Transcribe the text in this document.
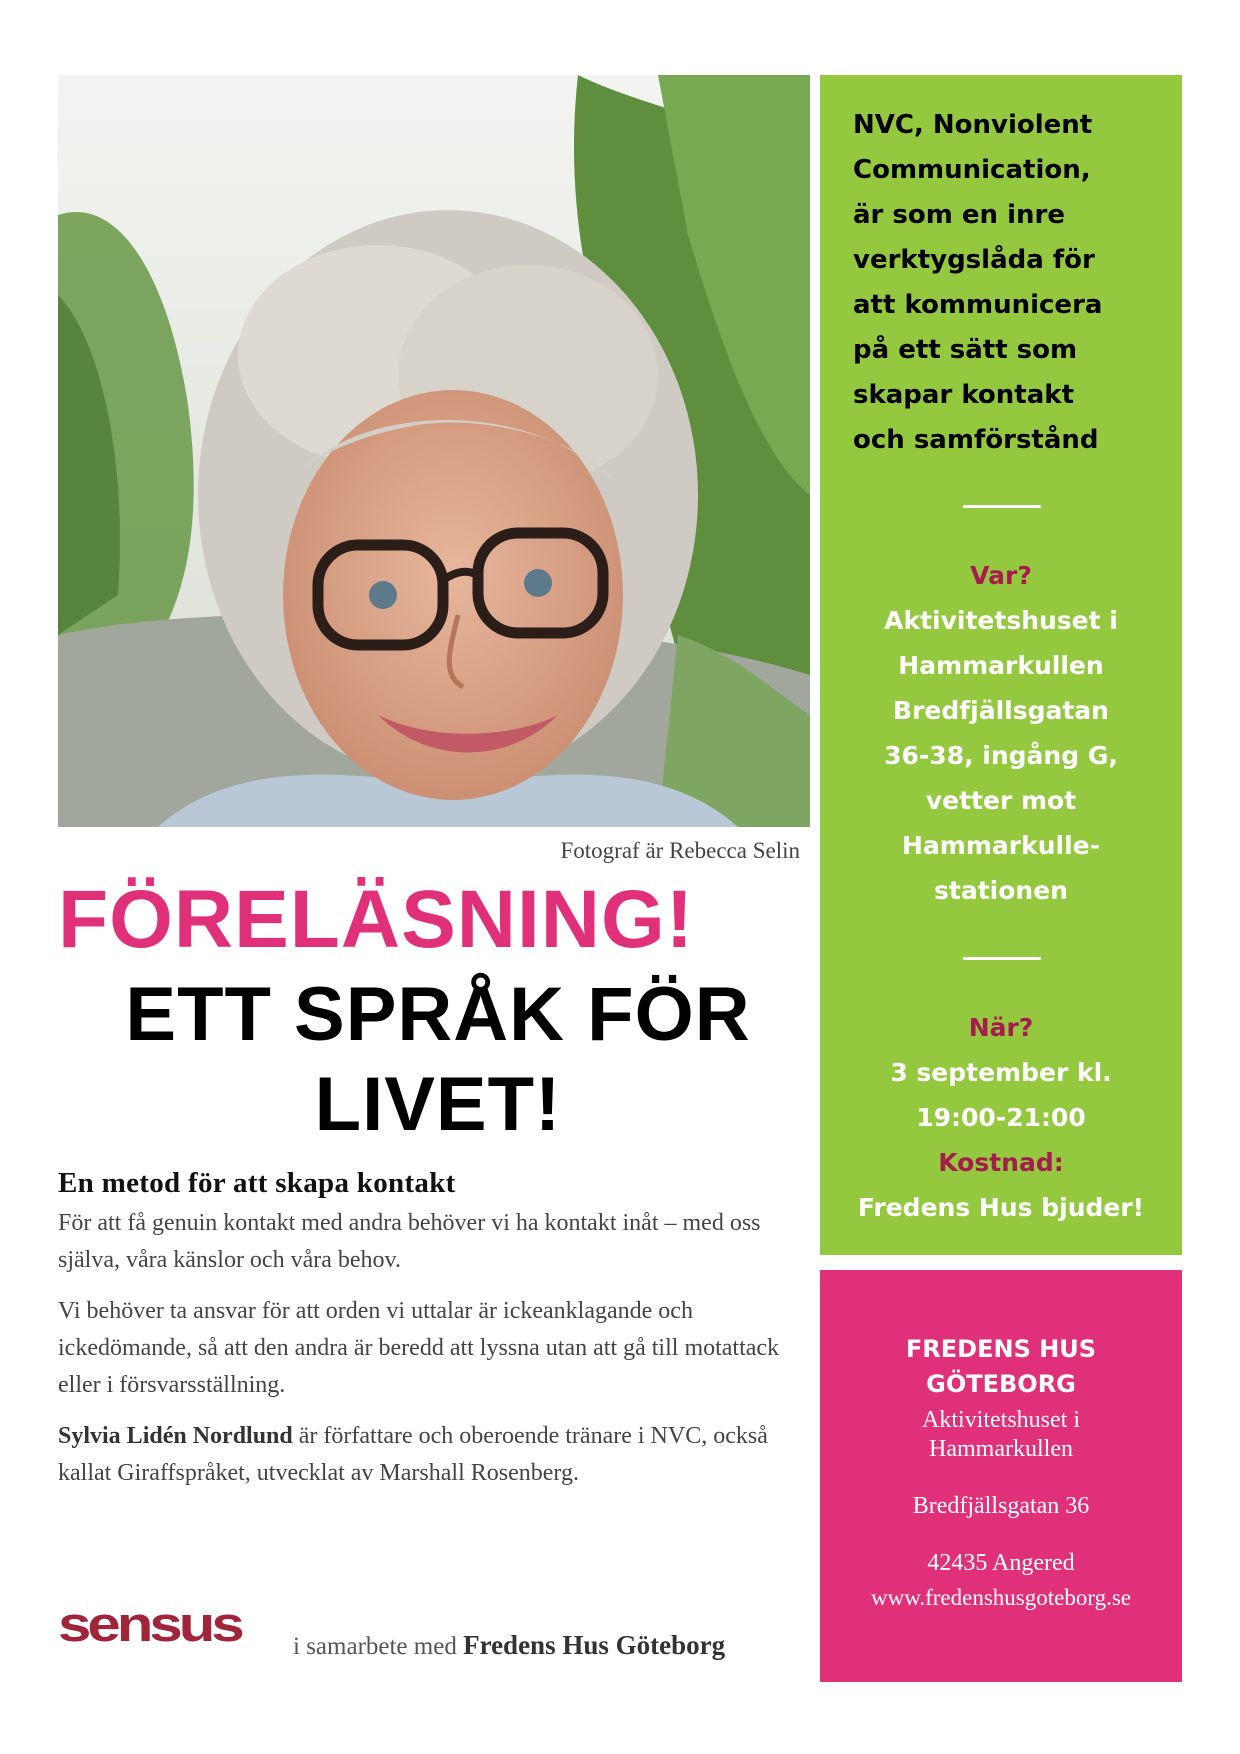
Fotograf är Rebecca Selin
FÖRELÄSNING!
ETT SPRÅK FÖR LIVET!
En metod för att skapa kontakt

För att få genuin kontakt med andra behöver vi ha kontakt inåt – med oss själva, våra känslor och våra behov.

Vi behöver ta ansvar för att orden vi uttalar är ickeanklagande och ickedömande, så att den andra är beredd att lyssna utan att gå till motattack eller i försvarsställning.

Sylvia Lidén Nordlund är författare och oberoende tränare i NVC, också kallat Giraffspråket, utvecklat av Marshall Rosenberg.

sensus i samarbete med Fredens Hus Göteborg
NVC, Nonviolent
Communication,
är som en inre
verktygslåda för
att kommunicera
på ett sätt som
skapar kontakt
och samförstånd
Var?
Aktivitetshuset i
Hammarkullen
Bredfjällsgatan
36-38, ingång G,
vetter mot
Hammarkulle-
stationen
När?
3 september kl.
19:00-21:00
Kostnad:
Fredens Hus bjuder!
FREDENS HUS
GÖTEBORG
Aktivitetshuset i
Hammarkullen
Bredfjällsgatan 36
42435 Angered
www.fredenshusgoteborg.se
